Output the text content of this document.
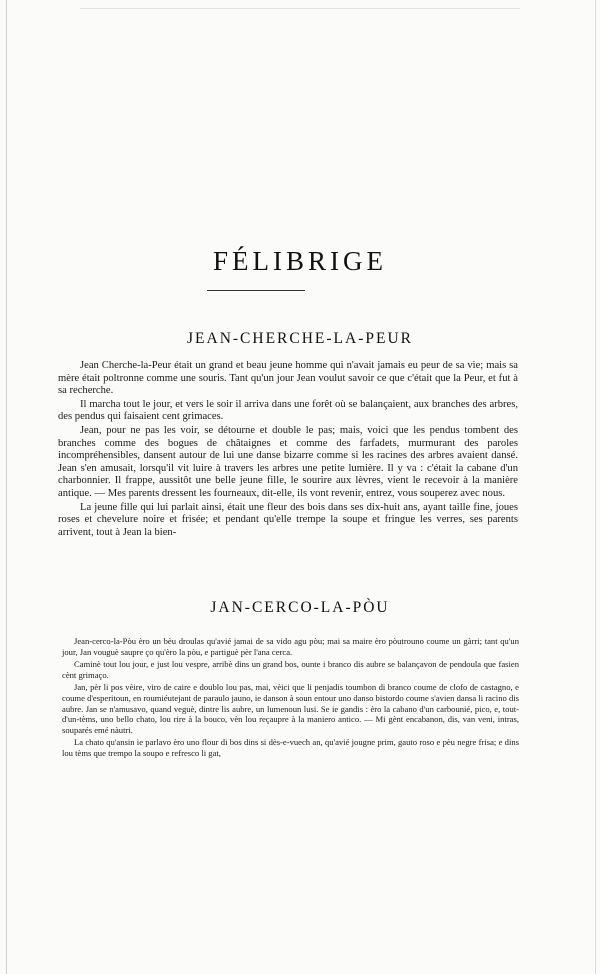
FÉLIBRIGE
JEAN-CHERCHE-LA-PEUR

Jean Cherche-la-Peur était un grand et beau jeune homme qui n'avait jamais eu peur de sa vie; mais sa mère était poltronne comme une souris. Tant qu'un jour Jean voulut savoir ce que c'était que la Peur, et fut à sa recherche.

Il marcha tout le jour, et vers le soir il arriva dans une forêt où se balançaient, aux branches des arbres, des pendus qui faisaient cent grimaces.

Jean, pour ne pas les voir, se détourne et double le pas; mais, voici que les pendus tombent des branches comme des bogues de châtaignes et comme des farfadets, murmurant des paroles incompréhensibles, dansent autour de lui une danse bizarre comme si les racines des arbres avaient dansé. Jean s'en amusait, lorsqu'il vit luire à travers les arbres une petite lumière. Il y va : c'était la cabane d'un charbonnier. Il frappe, aussitôt une belle jeune fille, le sourire aux lèvres, vient le recevoir à la manière antique. — Mes parents dressent les fourneaux, dit-elle, ils vont revenir, entrez, vous souperez avec nous.

La jeune fille qui lui parlait ainsi, était une fleur des bois dans ses dix-huit ans, ayant taille fine, joues roses et chevelure noire et frisée; et pendant qu'elle trempe la soupe et fringue les verres, ses parents arrivent, tout à Jean la bien-

JAN-CERCO-LA-PÒU

Jean-cerco-la-Pòu èro un bèu droulas qu'avié jamai de sa vido agu pòu; mai sa maire èro pòutrouno coume un gàrri; tant qu'un jour, Jan vouguè saupre ço qu'èro la pòu, e partiguè pèr l'ana cerca.

Caminè tout lou jour, e just lou vespre, arribè dins un grand bos, ounte i branco dis aubre se balançavon de pendoula que fasien cènt grimaço.

Jan, pèr li pos vèire, viro de caire e doublo lou pas, mai, vèici que li penjadis toumbon di branco coume de clofo de castagno, e coume d'esperitoun, en roumiéutejant de paraulo jauno, ie danson à soun entour uno danso bistordo coume s'avien dansa li racino dis aubre. Jan se n'amusavo, quand veguè, dintre lis aubre, un lumenoun lusi. Se ie gandis : èro la cabano d'un carbounié, pico, e, tout-d'un-tèms, uno bello chato, lou rire à la bouco, vèn lou reçaupre à la maniero antico. — Mi gènt encabanon, dis, van veni, intras, souparés emé nàutri.

La chato qu'ansin ie parlavo èro uno flour di bos dins si dès-e-vuech an, qu'avié jougne prim, gauto roso e pèu negre frisa; e dins lou tèms que trempo la soupo e refresco li gat,
